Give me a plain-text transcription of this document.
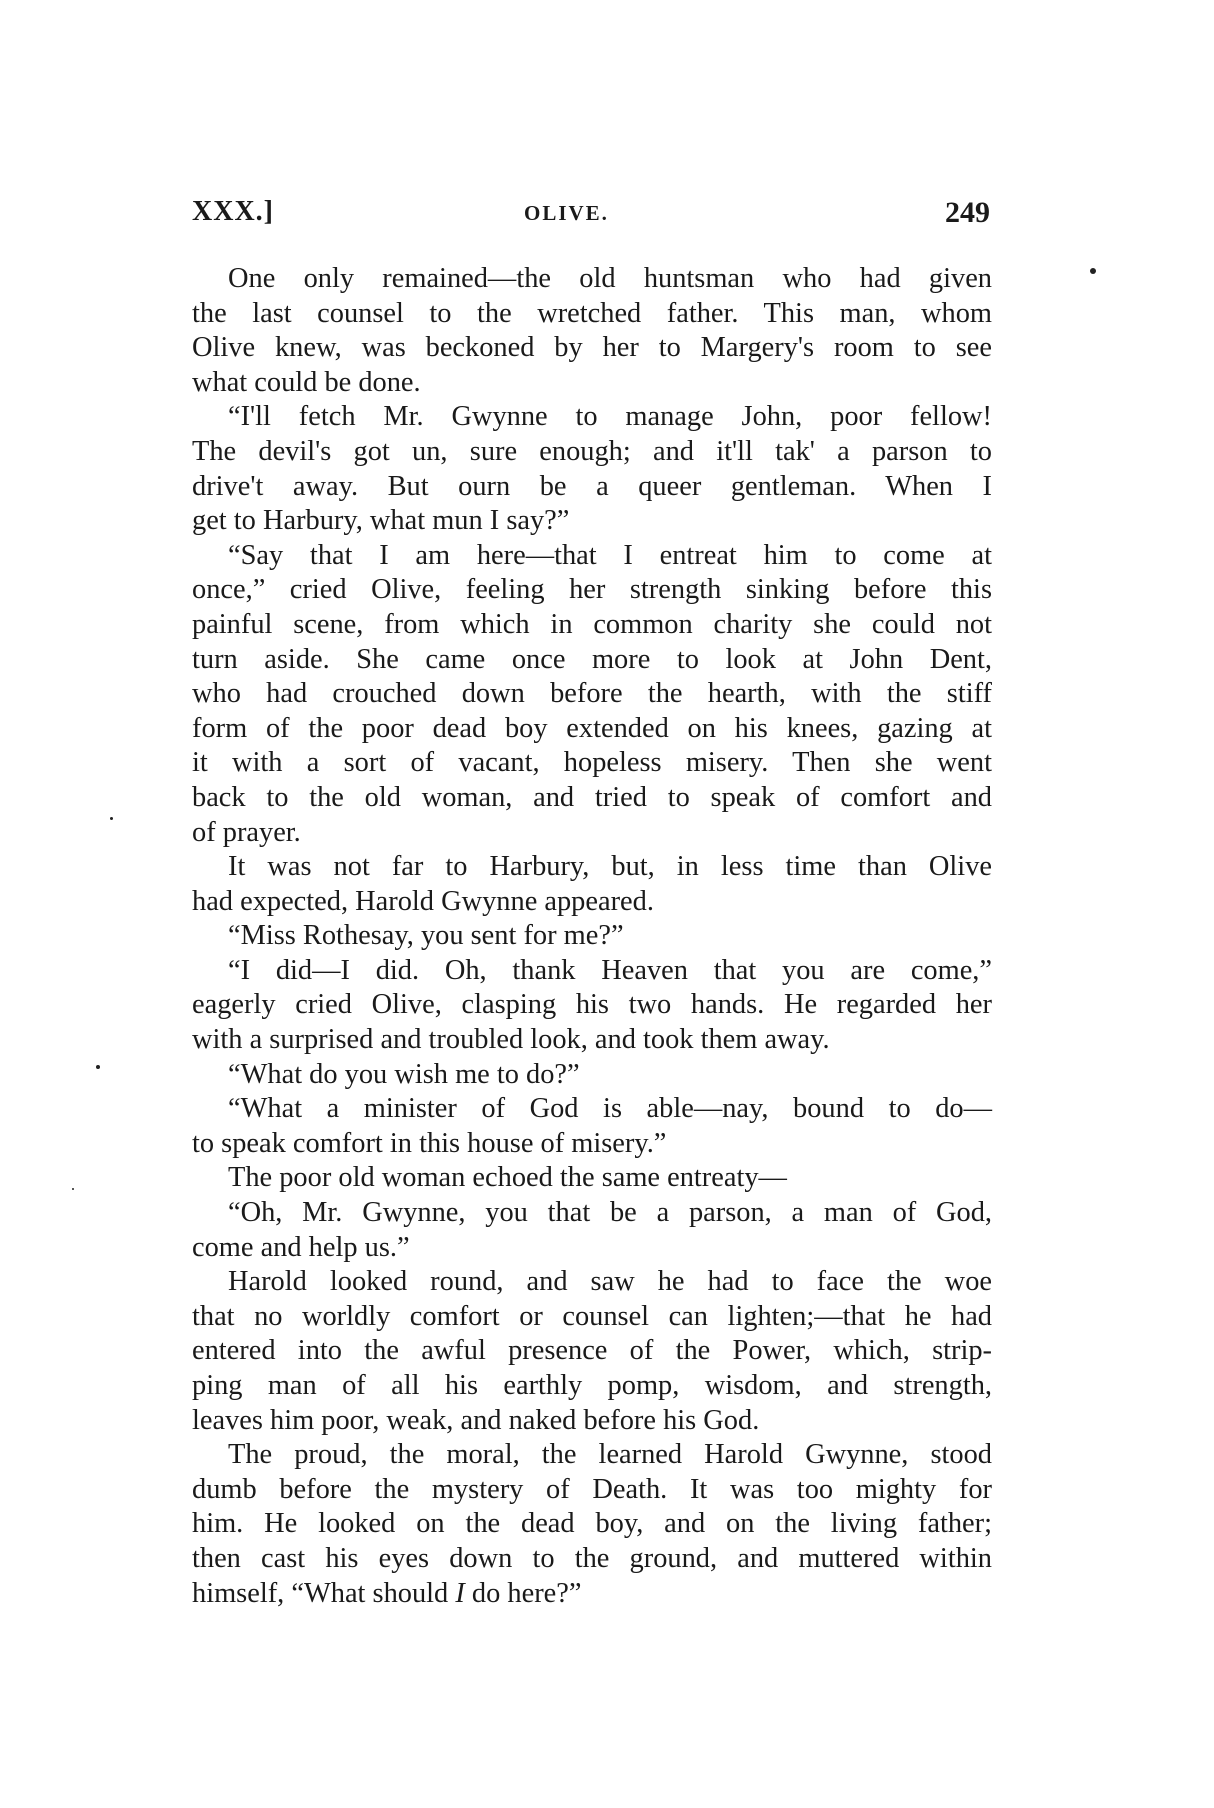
XXX.]	OLIVE.	249
One only remained—the old huntsman who had given
the last counsel to the wretched father. This man, whom
Olive knew, was beckoned by her to Margery's room to see
what could be done.
“I'll fetch Mr. Gwynne to manage John, poor fellow!
The devil's got un, sure enough; and it'll tak' a parson to
drive't away. But ourn be a queer gentleman. When I
get to Harbury, what mun I say?”
“Say that I am here—that I entreat him to come at
once,” cried Olive, feeling her strength sinking before this
painful scene, from which in common charity she could not
turn aside. She came once more to look at John Dent,
who had crouched down before the hearth, with the stiff
form of the poor dead boy extended on his knees, gazing at
it with a sort of vacant, hopeless misery. Then she went
back to the old woman, and tried to speak of comfort and
of prayer.
It was not far to Harbury, but, in less time than Olive
had expected, Harold Gwynne appeared.
“Miss Rothesay, you sent for me?”
“I did—I did. Oh, thank Heaven that you are come,”
eagerly cried Olive, clasping his two hands. He regarded her
with a surprised and troubled look, and took them away.
“What do you wish me to do?”
“What a minister of God is able—nay, bound to do—
to speak comfort in this house of misery.”
The poor old woman echoed the same entreaty—
“Oh, Mr. Gwynne, you that be a parson, a man of God,
come and help us.”
Harold looked round, and saw he had to face the woe
that no worldly comfort or counsel can lighten;—that he had
entered into the awful presence of the Power, which, strip-
ping man of all his earthly pomp, wisdom, and strength,
leaves him poor, weak, and naked before his God.
The proud, the moral, the learned Harold Gwynne, stood
dumb before the mystery of Death. It was too mighty for
him. He looked on the dead boy, and on the living father;
then cast his eyes down to the ground, and muttered within
himself, “What should I do here?”
